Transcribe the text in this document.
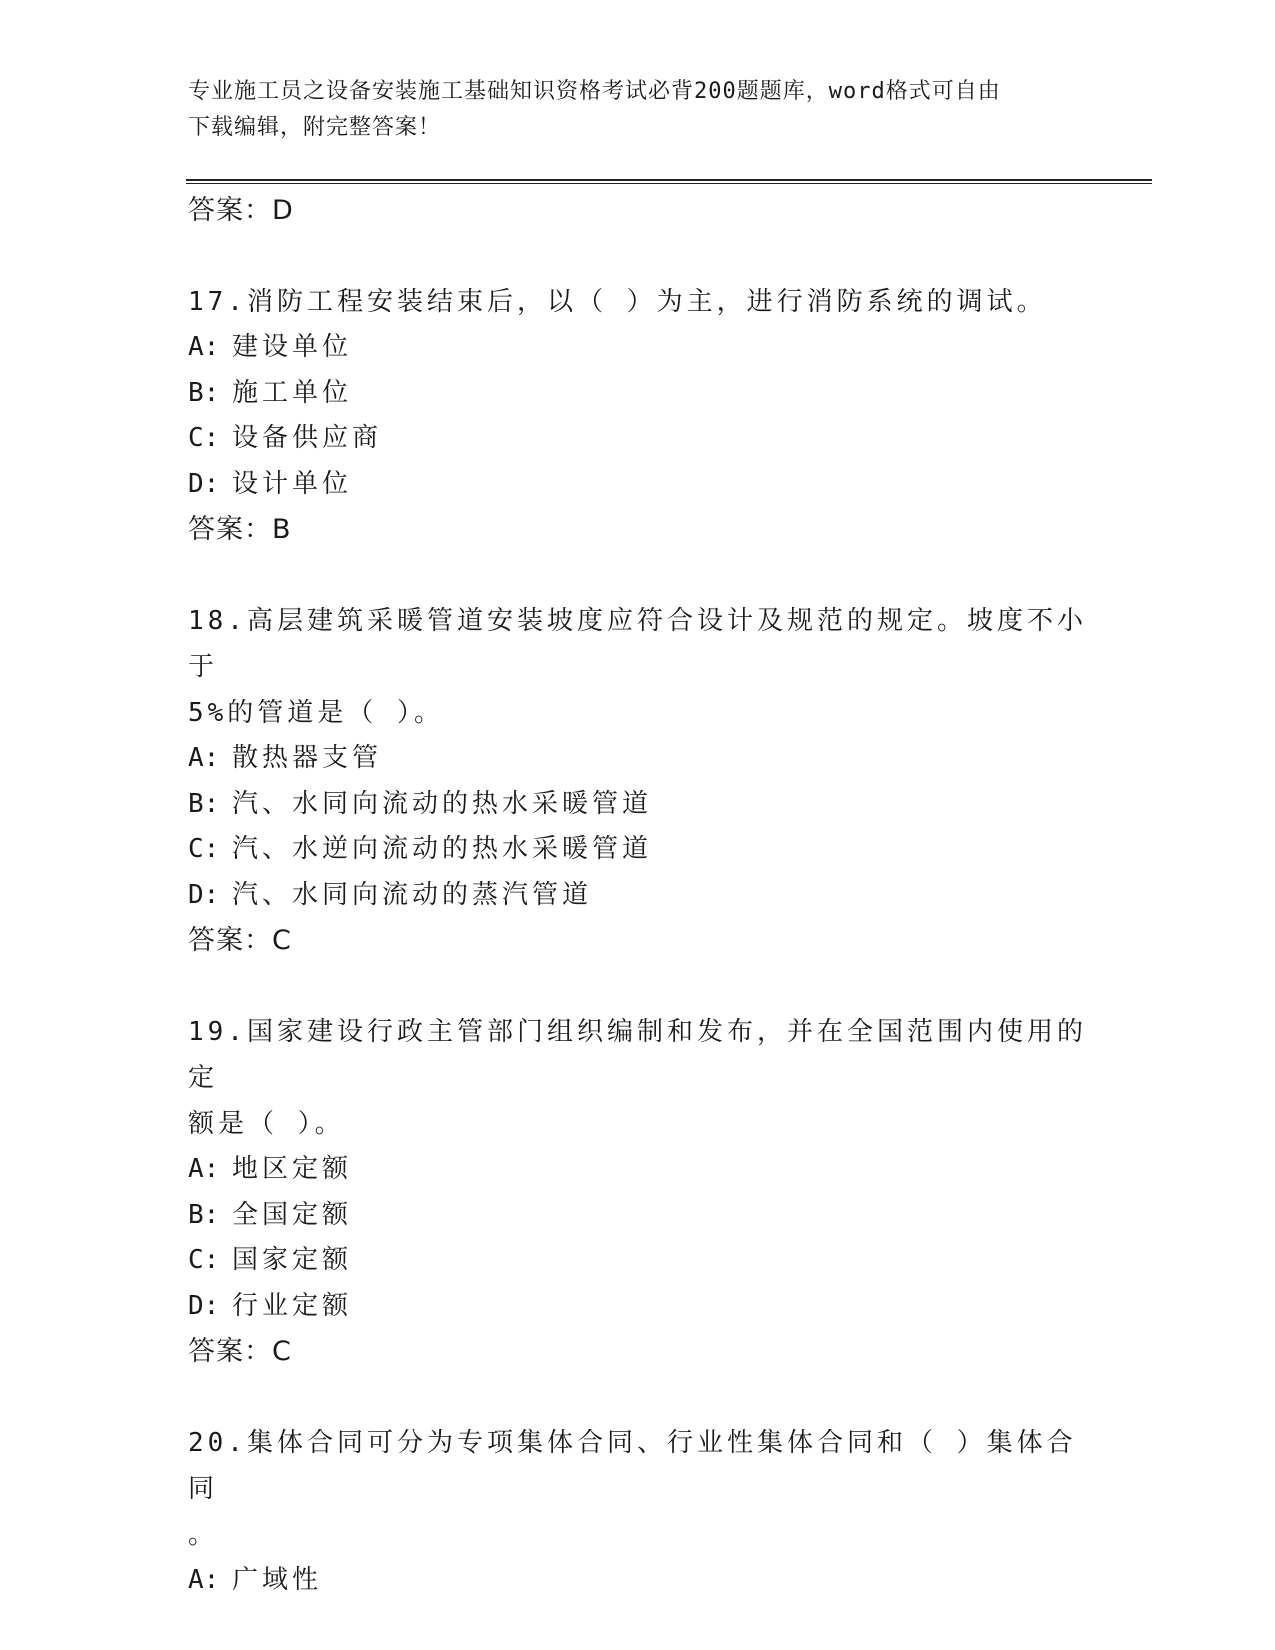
专业施工员之设备安装施工基础知识资格考试必背200题题库，word格式可自由
下载编辑，附完整答案！
答案：D

17.消防工程安装结束后，以（ ）为主，进行消防系统的调试。

A: 建设单位
B: 施工单位
C: 设备供应商
D: 设计单位
答案：B

18.高层建筑采暖管道安装坡度应符合设计及规范的规定。坡度不小于

5%的管道是（ ）。

A: 散热器支管
B: 汽、水同向流动的热水采暖管道
C: 汽、水逆向流动的热水采暖管道
D: 汽、水同向流动的蒸汽管道
答案：C

19.国家建设行政主管部门组织编制和发布，并在全国范围内使用的定

额是（ ）。

A: 地区定额
B: 全国定额
C: 国家定额
D: 行业定额
答案：C

20.集体合同可分为专项集体合同、行业性集体合同和（ ）集体合同

。

A: 广域性
